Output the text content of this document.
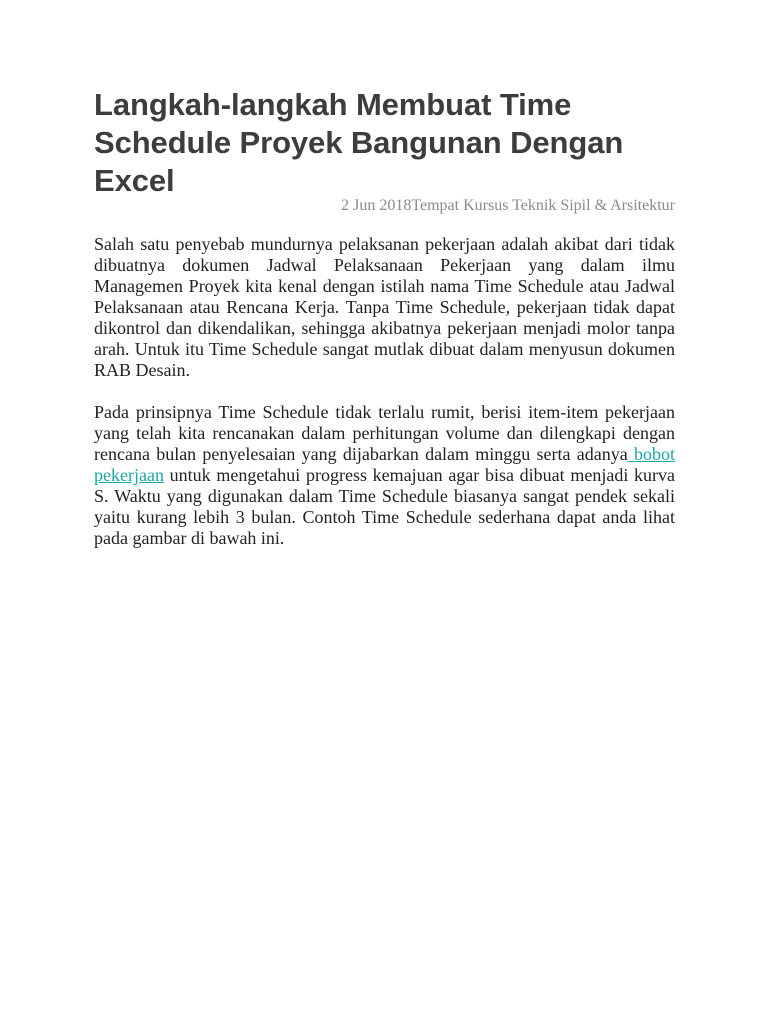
Langkah-langkah Membuat Time Schedule Proyek Bangunan Dengan Excel
2 Jun 2018Tempat Kursus Teknik Sipil & Arsitektur

Salah satu penyebab mundurnya pelaksanan pekerjaan adalah akibat dari tidak dibuatnya dokumen Jadwal Pelaksanaan Pekerjaan yang dalam ilmu Managemen Proyek kita kenal dengan istilah nama Time Schedule atau Jadwal Pelaksanaan atau Rencana Kerja. Tanpa Time Schedule, pekerjaan tidak dapat dikontrol dan dikendalikan, sehingga akibatnya pekerjaan menjadi molor tanpa arah. Untuk itu Time Schedule sangat mutlak dibuat dalam menyusun dokumen RAB Desain.

Pada prinsipnya Time Schedule tidak terlalu rumit, berisi item-item pekerjaan yang telah kita rencanakan dalam perhitungan volume dan dilengkapi dengan rencana bulan penyelesaian yang dijabarkan dalam minggu serta adanya bobot pekerjaan untuk mengetahui progress kemajuan agar bisa dibuat menjadi kurva S. Waktu yang digunakan dalam Time Schedule biasanya sangat pendek sekali yaitu kurang lebih 3 bulan. Contoh Time Schedule sederhana dapat anda lihat pada gambar di bawah ini.
